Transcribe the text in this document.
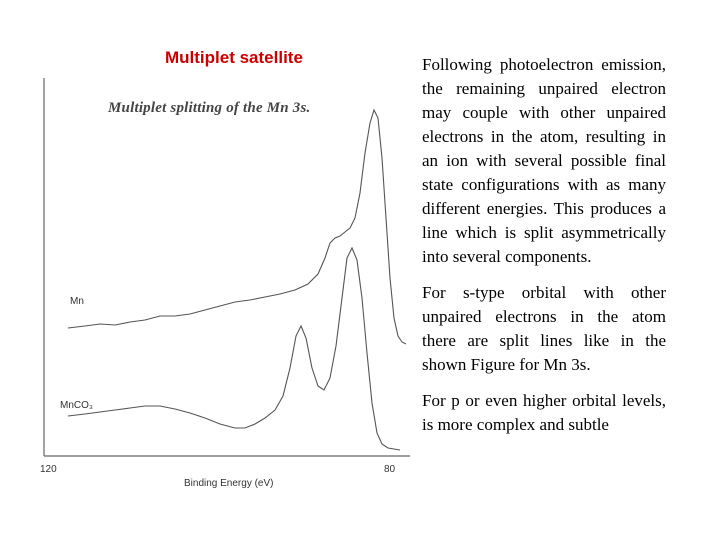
Multiplet satellite
Multiplet splitting of the Mn 3s.
Mn
MnCO₃
120	80
Binding Energy (eV)

Following photoelectron emission, the remaining unpaired electron may couple with other unpaired electrons in the atom, resulting in an ion with several possible final state configurations with as many different energies. This produces a line which is split asymmetrically into several components.

For s-type orbital with other unpaired electrons in the atom there are split lines like in the shown Figure for Mn 3s.

For p or even higher orbital levels, is more complex and subtle
